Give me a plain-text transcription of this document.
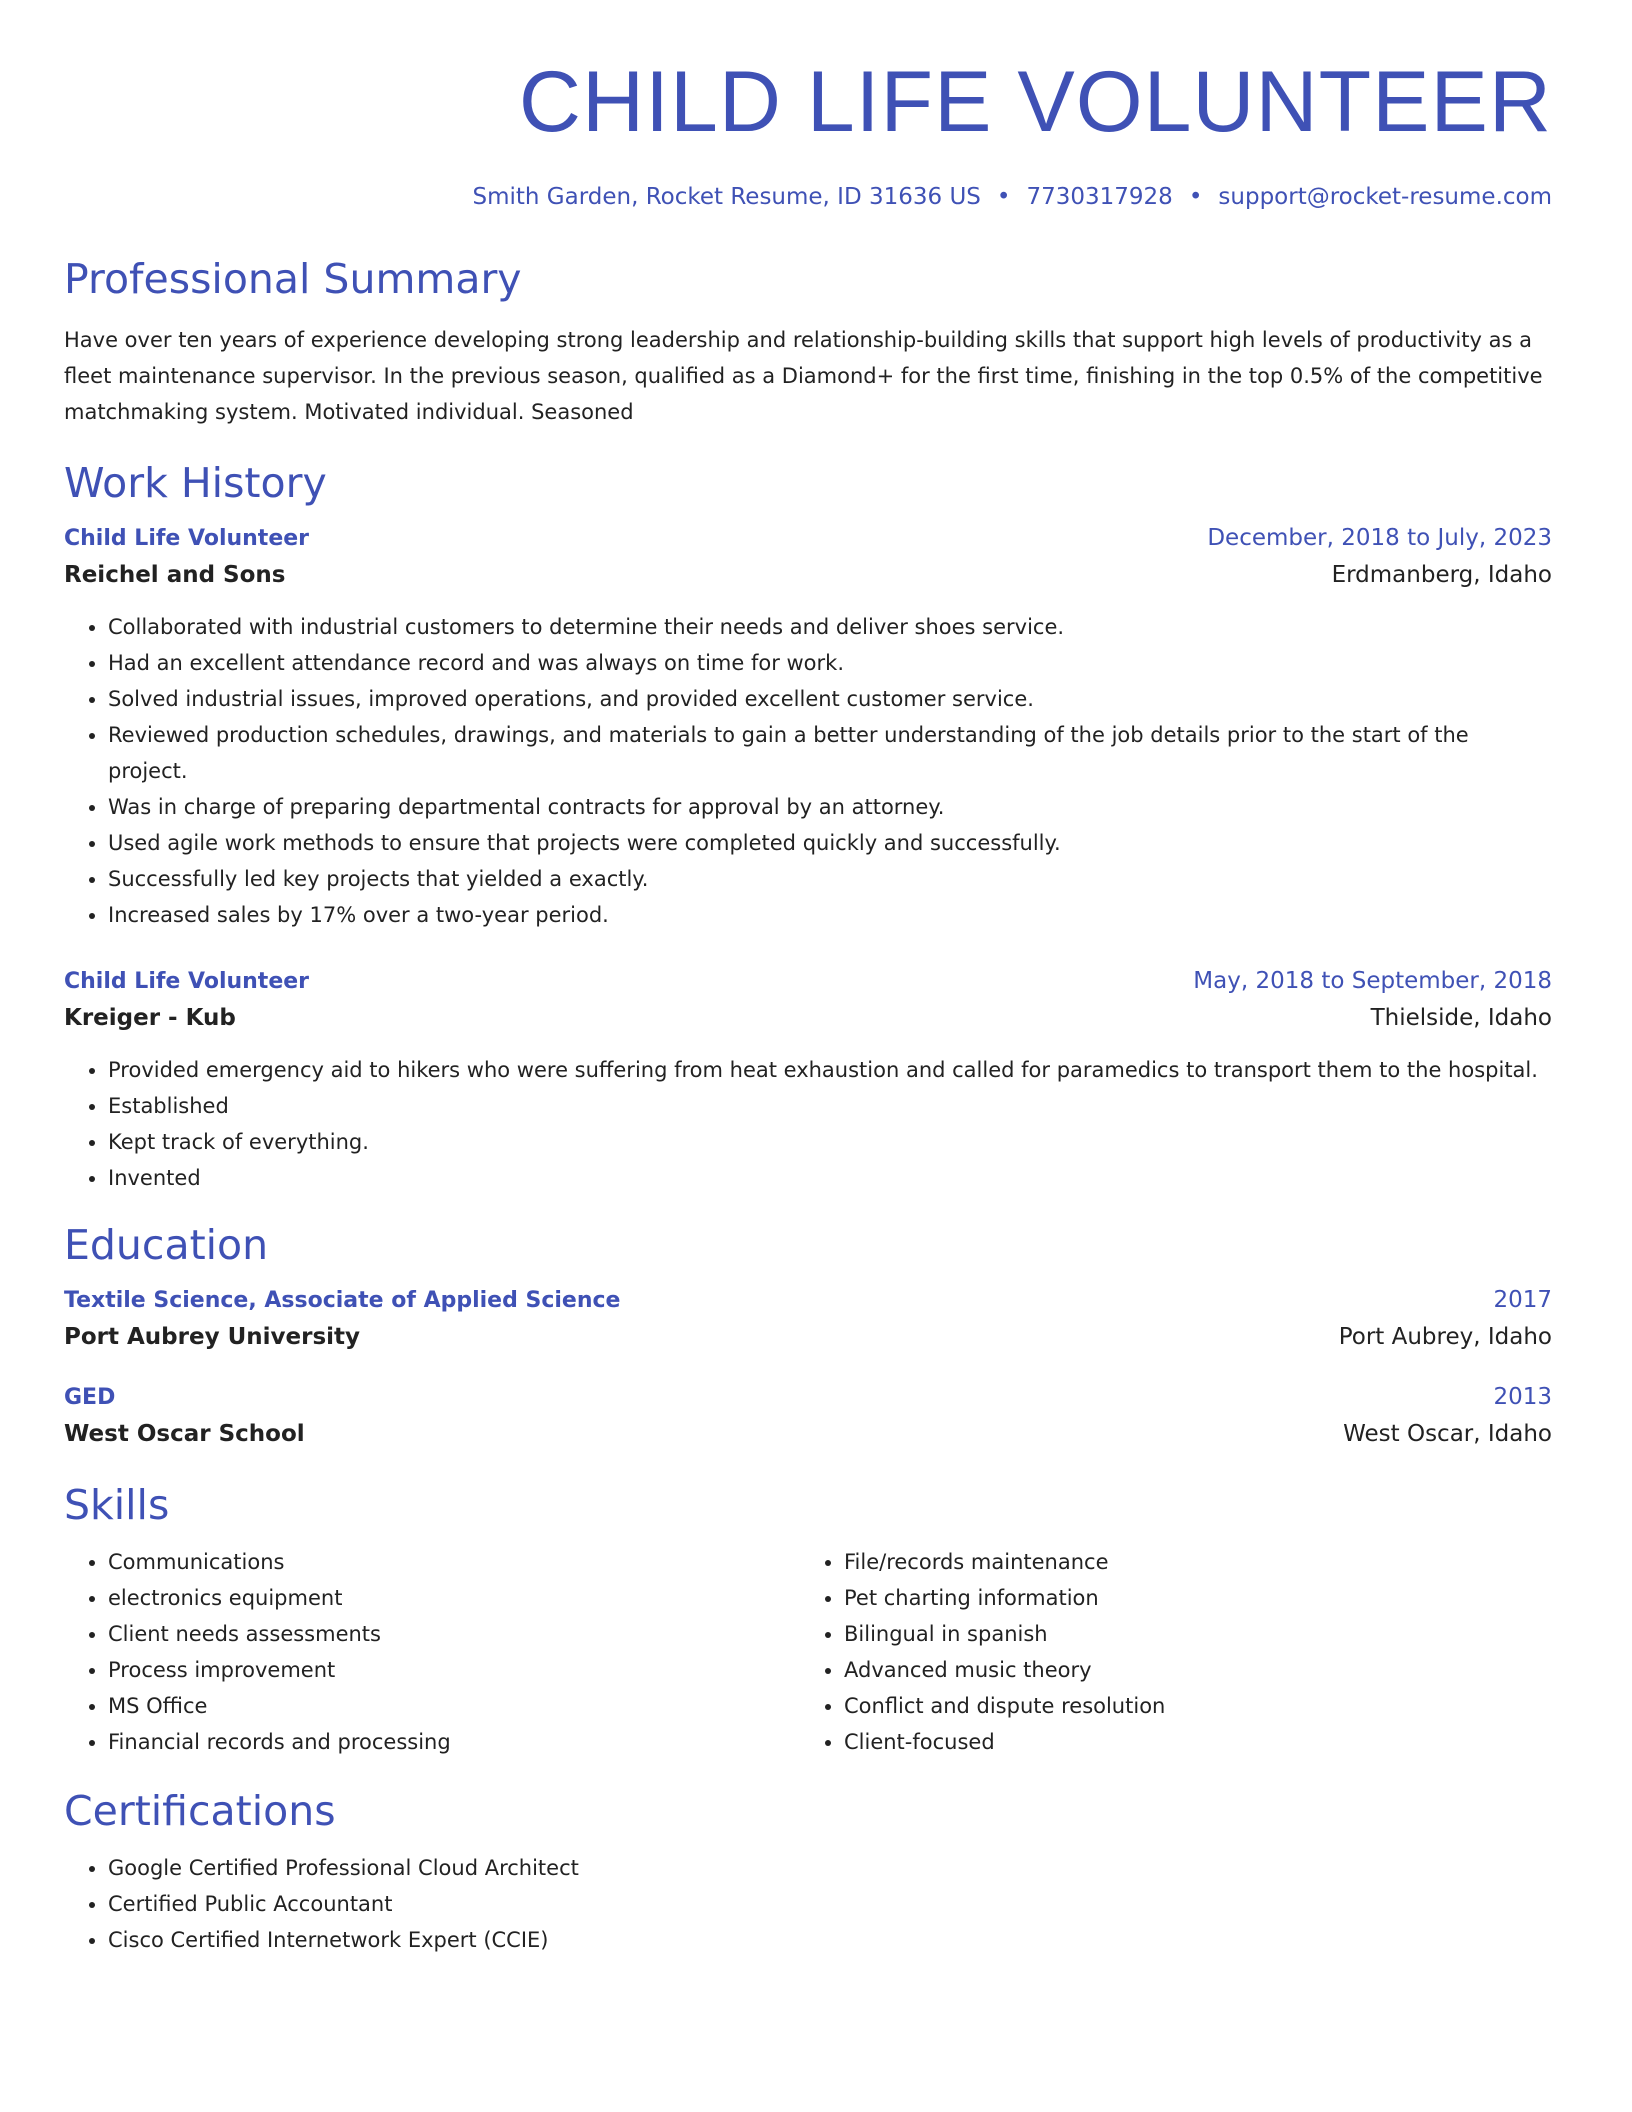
CHILD LIFE VOLUNTEER
Smith Garden, Rocket Resume, ID 31636 US • 7730317928 • support@rocket-resume.com
Professional Summary

Have over ten years of experience developing strong leadership and relationship-building skills that support high levels of productivity as a fleet maintenance supervisor. In the previous season, qualified as a Diamond+ for the first time, finishing in the top 0.5% of the competitive matchmaking system. Motivated individual. Seasoned

Work History
Child Life Volunteer	December, 2018 to July, 2023
Reichel and Sons	Erdmanberg, Idaho
• Collaborated with industrial customers to determine their needs and deliver shoes service.
• Had an excellent attendance record and was always on time for work.
• Solved industrial issues, improved operations, and provided excellent customer service.
• Reviewed production schedules, drawings, and materials to gain a better understanding of the job details prior to the start of the project.
• Was in charge of preparing departmental contracts for approval by an attorney.
• Used agile work methods to ensure that projects were completed quickly and successfully.
• Successfully led key projects that yielded a exactly.
• Increased sales by 17% over a two-year period.
Child Life Volunteer	May, 2018 to September, 2018
Kreiger - Kub	Thielside, Idaho
• Provided emergency aid to hikers who were suffering from heat exhaustion and called for paramedics to transport them to the hospital.
• Established
• Kept track of everything.
• Invented
Education
Textile Science, Associate of Applied Science	2017
Port Aubrey University	Port Aubrey, Idaho
GED	2013
West Oscar School	West Oscar, Idaho
Skills
• Communications
• electronics equipment
• Client needs assessments
• Process improvement
• MS Office
• Financial records and processing
• File/records maintenance
• Pet charting information
• Bilingual in spanish
• Advanced music theory
• Conflict and dispute resolution
• Client-focused
Certifications
• Google Certified Professional Cloud Architect
• Certified Public Accountant
• Cisco Certified Internetwork Expert (CCIE)
